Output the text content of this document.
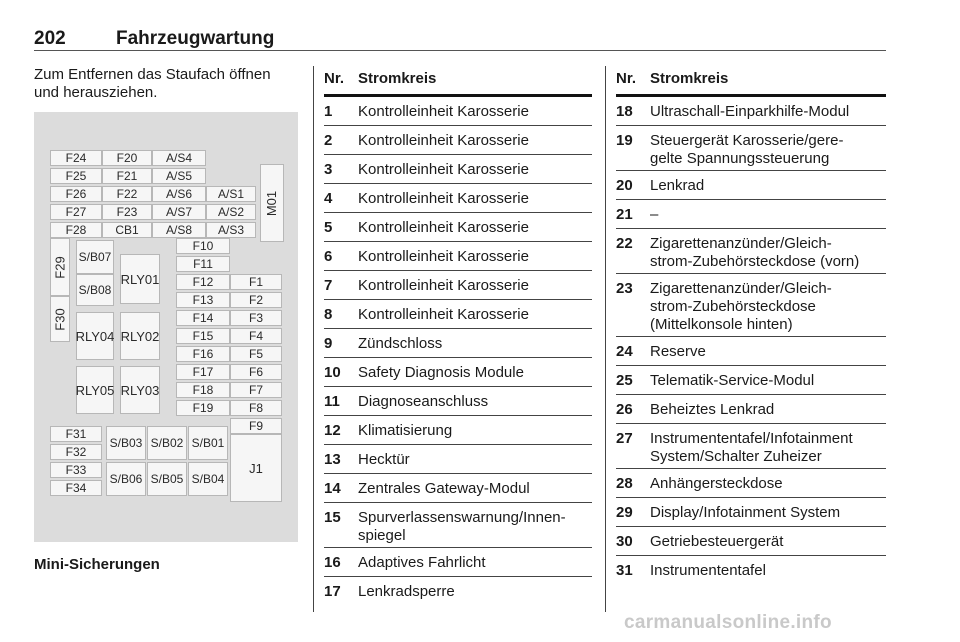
202	Fahrzeugwartung
Zum Entfernen das Staufach öffnen
und herausziehen.
F24	F20	A/S4
F25	F21	A/S5
F26	F22	A/S6	A/S1
F27	F23	A/S7	A/S2
F28	CB1	A/S8	A/S3
M01
F29
F30
S/B07
S/B08
RLY01
RLY04 RLY02
RLY05 RLY03
F10
F11
F12	F1
F13	F2
F14	F3
F15	F4
F16	F5
F17	F6
F18	F7
F19	F8
F9
F31
F32
F33
F34
S/B03 S/B02 S/B01
S/B06 S/B05 S/B04
J1
Mini-Sicherungen
Nr. Stromkreis
1 Kontrolleinheit Karosserie
2 Kontrolleinheit Karosserie
3 Kontrolleinheit Karosserie
4 Kontrolleinheit Karosserie
5 Kontrolleinheit Karosserie
6 Kontrolleinheit Karosserie
7 Kontrolleinheit Karosserie
8 Kontrolleinheit Karosserie
9 Zündschloss
10 Safety Diagnosis Module
11 Diagnoseanschluss
12 Klimatisierung
13 Hecktür
14 Zentrales Gateway-Modul
15 Spurverlassenswarnung/Innen-
spiegel
16 Adaptives Fahrlicht
17 Lenkradsperre
Nr. Stromkreis
18 Ultraschall-Einparkhilfe-Modul
19 Steuergerät Karosserie/gere-
gelte Spannungssteuerung
20 Lenkrad
21 –
22 Zigarettenanzünder/Gleich-
strom-Zubehörsteckdose (vorn)
23 Zigarettenanzünder/Gleich-
strom-Zubehörsteckdose
(Mittelkonsole hinten)
24 Reserve
25 Telematik-Service-Modul
26 Beheiztes Lenkrad
27 Instrumententafel/Infotainment
System/Schalter Zuheizer
28 Anhängersteckdose
29 Display/Infotainment System
30 Getriebesteuergerät
31 Instrumententafel
carmanualsonline.info
